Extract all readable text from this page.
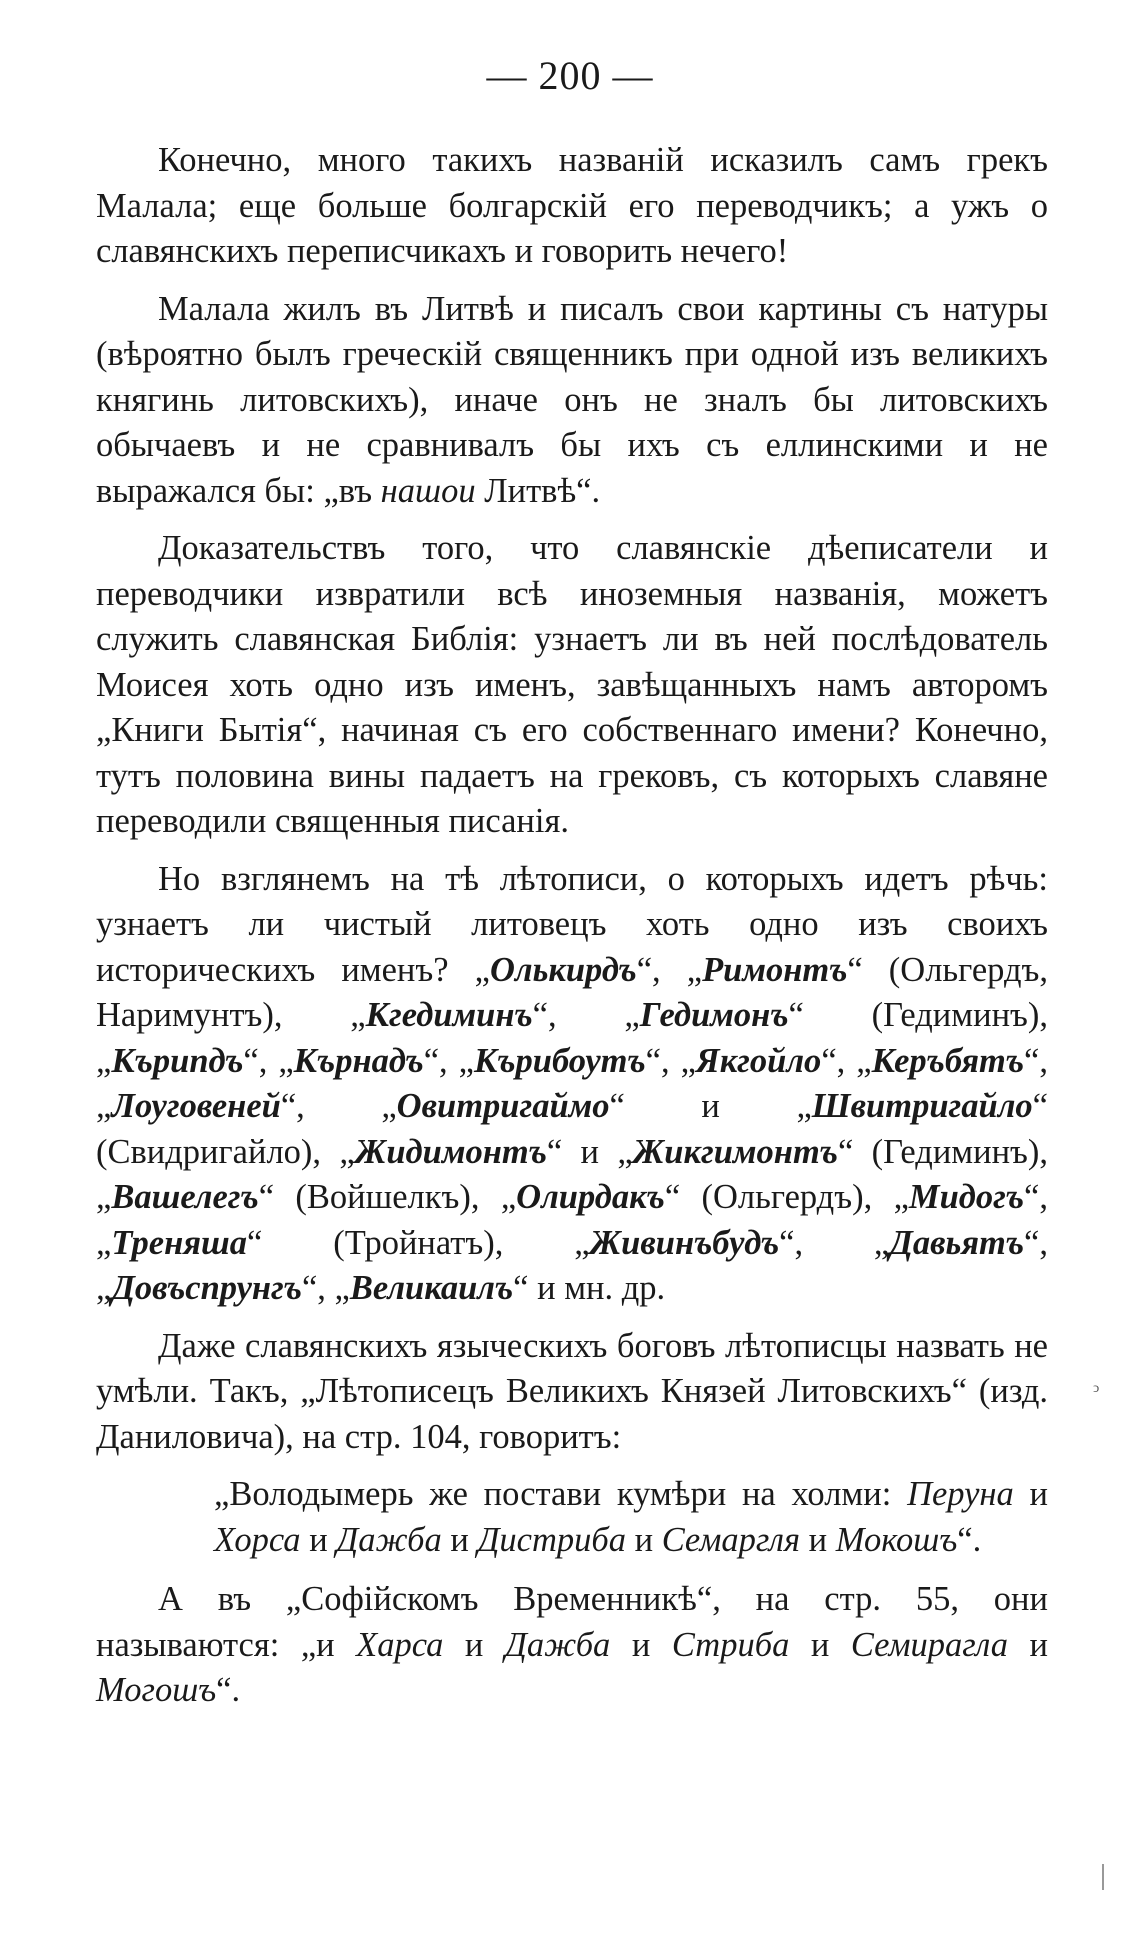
— 200 —

Конечно, много такихъ названій исказилъ самъ грекъ Малала; еще больше болгарскій его переводчикъ; а ужъ о славянскихъ переписчикахъ и говорить нечего!

Малала жилъ въ Литвѣ и писалъ свои картины съ натуры (вѣроятно былъ греческій священникъ при одной изъ великихъ княгинь литовскихъ), иначе онъ не зналъ бы литовскихъ обычаевъ и не сравнивалъ бы ихъ съ еллинскими и не выражался бы: „въ нашои Литвѣ“.

Доказательствъ того, что славянскіе дѣеписатели и переводчики извратили всѣ иноземныя названія, можетъ служить славянская Библія: узнаетъ ли въ ней послѣдователь Моисея хоть одно изъ именъ, завѣщанныхъ намъ авторомъ „Книги Бытія“, начиная съ его собственнаго имени? Конечно, тутъ половина вины падаетъ на грековъ, съ которыхъ славяне переводили священныя писанія.

Но взглянемъ на тѣ лѣтописи, о которыхъ идетъ рѣчь: узнаетъ ли чистый литовецъ хоть одно изъ своихъ историческихъ именъ? „Олькирдъ“, „Римонтъ“ (Ольгердъ, Наримунтъ), „Кгедиминъ“, „Гедимонъ“ (Гедиминъ), „Кърипдъ“, „Кърнадъ“, „Кърибоутъ“, „Якгойло“, „Керъбятъ“, „Лоуговеней“, „Овитригаймо“ и „Швитригайло“ (Свидригайло), „Жидимонтъ“ и „Жикгимонтъ“ (Гедиминъ), „Вашелегъ“ (Войшелкъ), „Олирдакъ“ (Ольгердъ), „Мидогъ“, „Треняша“ (Тройнатъ), „Живинъбудъ“, „Давьятъ“, „Довъспрунгъ“, „Великаилъ“ и мн. др.

Даже славянскихъ языческихъ боговъ лѣтописцы назвать не умѣли. Такъ, „Лѣтописецъ Великихъ Князей Литовскихъ“ (изд. Даниловича), на стр. 104, говоритъ:

„Володымерь же постави кумѣри на холми: Перуна и Хорса и Дажба и Дистриба и Семаргля и Мокошъ“.

А въ „Софійскомъ Временникѣ“, на стр. 55, они называются: „и Харса и Дажба и Стриба и Семирагла и Могошъ“.

ↄ
